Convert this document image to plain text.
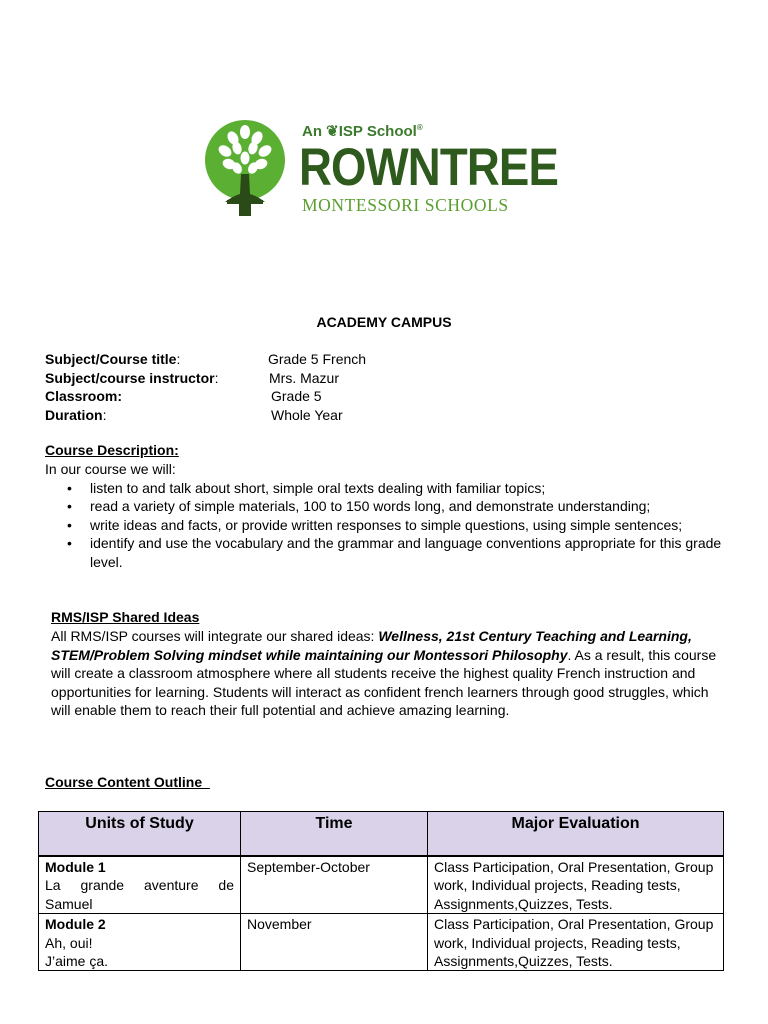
An ❦ISP School®
ROWNTREE
MONTESSORI SCHOOLS
ACADEMY CAMPUS
Subject/Course title:	Grade 5 French
Subject/course instructor:	Mrs. Mazur
Classroom:	Grade 5
Duration:	Whole Year
Course Description:
In our course we will:
• listen to and talk about short, simple oral texts dealing with familiar topics;
• read a variety of simple materials, 100 to 150 words long, and demonstrate understanding;
• write ideas and facts, or provide written responses to simple questions, using simple sentences;
• identify and use the vocabulary and the grammar and language conventions appropriate for this grade level.
RMS/ISP Shared Ideas
All RMS/ISP courses will integrate our shared ideas: Wellness, 21st Century Teaching and Learning, STEM/Problem Solving mindset while maintaining our Montessori Philosophy. As a result, this course will create a classroom atmosphere where all students receive the highest quality French instruction and opportunities for learning. Students will interact as confident french learners through good struggles, which will enable them to reach their full potential and achieve amazing learning.
Course Content Outline
Units of Study	Time	Major Evaluation
Module 1
La grande aventure de Samuel	September-October	Class Participation, Oral Presentation, Group work, Individual projects, Reading tests, Assignments,Quizzes, Tests.
Module 2
Ah, oui!
J’aime ça.	November	Class Participation, Oral Presentation, Group work, Individual projects, Reading tests, Assignments,Quizzes, Tests.
